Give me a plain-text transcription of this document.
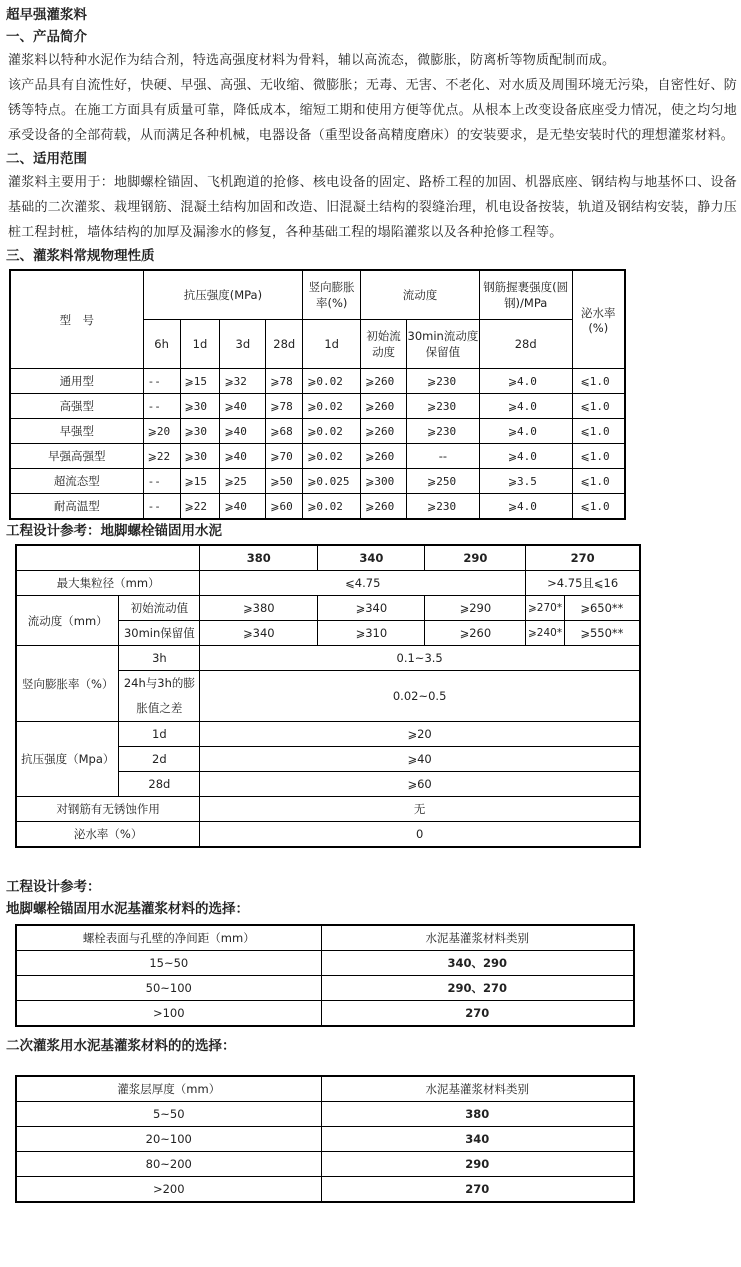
超早强灌浆料
一、产品简介
灌浆料以特种水泥作为结合剂，特选高强度材料为骨料，辅以高流态，微膨胀，防离析等物质配制而成。
该产品具有自流性好，快硬、早强、高强、无收缩、微膨胀；无毒、无害、不老化、对水质及周围环境无污染，自密性好、防锈等特点。在施工方面具有质量可靠，降低成本，缩短工期和使用方便等优点。从根本上改变设备底座受力情况，使之均匀地承受设备的全部荷载，从而满足各种机械，电器设备（重型设备高精度磨床）的安装要求，是无垫安装时代的理想灌浆材料。
二、适用范围
灌浆料主要用于：地脚螺栓锚固、飞机跑道的抢修、核电设备的固定、路桥工程的加固、机器底座、钢结构与地基怀口、设备基础的二次灌浆、栽埋钢筋、混凝土结构加固和改造、旧混凝土结构的裂缝治理，机电设备按装，轨道及钢结构安装，静力压桩工程封桩，墙体结构的加厚及漏渗水的修复，各种基础工程的塌陷灌浆以及各种抢修工程等。
三、灌浆料常规物理性质
型　号	抗压强度(MPa)				竖向膨胀率(%)	流动度		钢筋握裹强度(圆钢)/MPa	泌水率(%)
	6h	1d	3d	28d	1d	初始流动度	30min流动度保留值	28d	
通用型	--	⩾15	⩾32	⩾78	⩾0.02	⩾260	⩾230	⩾4.0	⩽1.0
高强型	--	⩾30	⩾40	⩾78	⩾0.02	⩾260	⩾230	⩾4.0	⩽1.0
早强型	⩾20	⩾30	⩾40	⩾68	⩾0.02	⩾260	⩾230	⩾4.0	⩽1.0
早强高强型	⩾22	⩾30	⩾40	⩾70	⩾0.02	⩾260	--	⩾4.0	⩽1.0
超流态型	--	⩾15	⩾25	⩾50	⩾0.025	⩾300	⩾250	⩾3.5	⩽1.0
耐高温型	--	⩾22	⩾40	⩾60	⩾0.02	⩾260	⩾230	⩾4.0	⩽1.0
工程设计参考：地脚螺栓锚固用水泥
		380	340	290	270	
最大集粒径（mm）		⩽4.75			>4.75且⩽16	
流动度（mm）	初始流动值	⩾380	⩾340	⩾290	⩾270*	⩾650**
	30min保留值	⩾340	⩾310	⩾260	⩾240*	⩾550**
竖向膨胀率（%）	3h	0.1~3.5				
	24h与3h的膨胀值之差	0.02~0.5				
抗压强度（Mpa）	1d	⩾20				
	2d	⩾40				
	28d	⩾60				
对钢筋有无锈蚀作用		无				
泌水率（%）		0				
工程设计参考：
地脚螺栓锚固用水泥基灌浆材料的选择：
螺栓表面与孔壁的净间距（mm）	水泥基灌浆材料类别
15~50	340、290
50~100	290、270
>100	270
二次灌浆用水泥基灌浆材料的的选择：
灌浆层厚度（mm）	水泥基灌浆材料类别
5~50	380
20~100	340
80~200	290
>200	270
